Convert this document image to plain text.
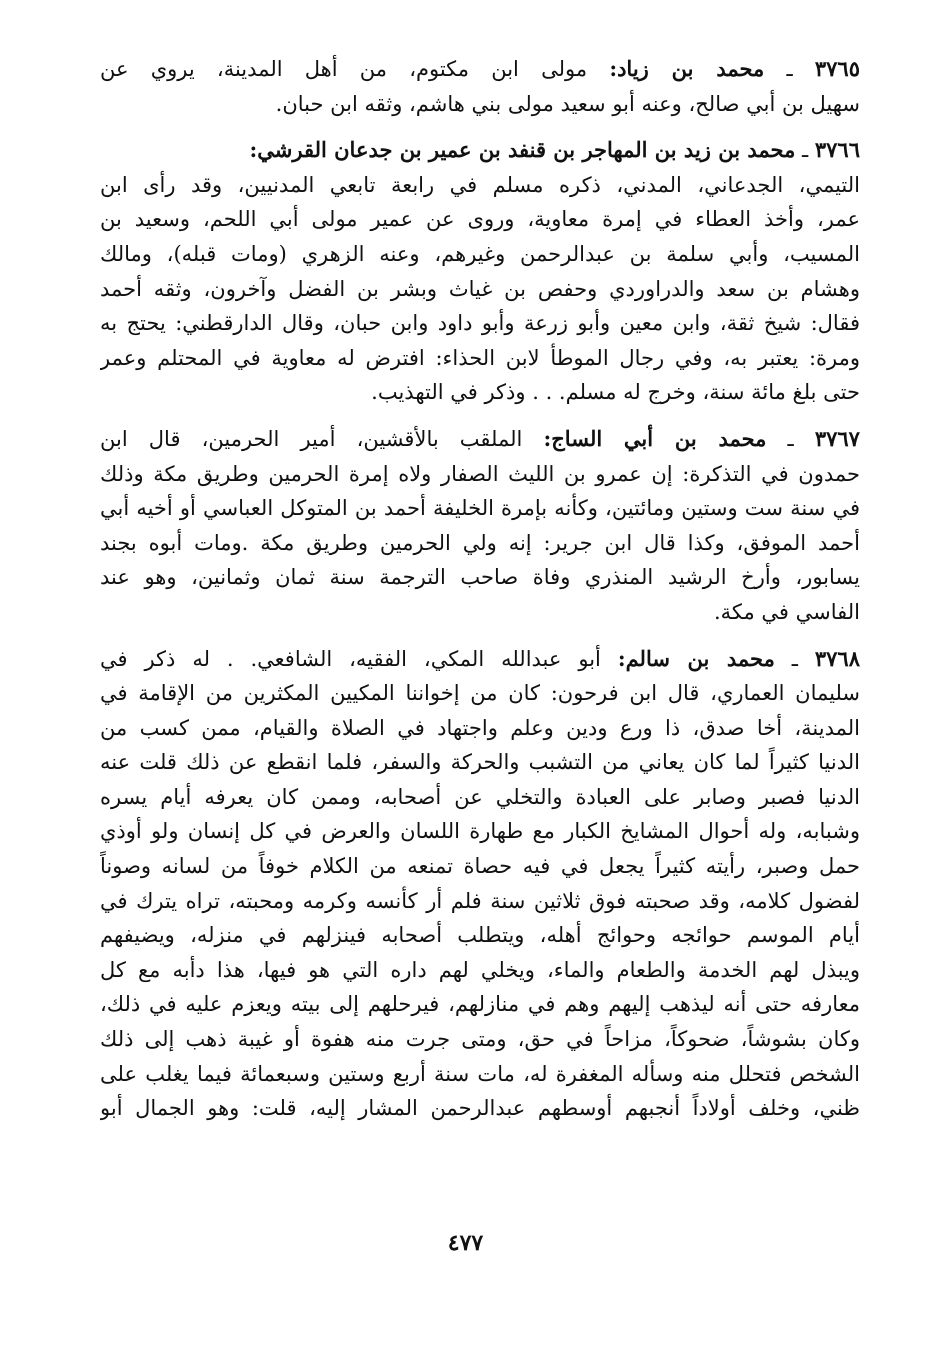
٣٧٦٥ ـ محمد بن زياد: مولى ابن مكتوم، من أهل المدينة، يروي عن
سهيل بن أبي صالح، وعنه أبو سعيد مولى بني هاشم، وثقه ابن حبان.
٣٧٦٦ ـ محمد بن زيد بن المهاجر بن قنفد بن عمير بن جدعان القرشي:
التيمي، الجدعاني، المدني، ذكره مسلم في رابعة تابعي المدنيين، وقد رأى ابن
عمر، وأخذ العطاء في إمرة معاوية، وروى عن عمير مولى أبي اللحم، وسعيد بن
المسيب، وأبي سلمة بن عبدالرحمن وغيرهم، وعنه الزهري (ومات قبله)، ومالك
وهشام بن سعد والدراوردي وحفص بن غياث وبشر بن الفضل وآخرون، وثقه أحمد
فقال: شيخ ثقة، وابن معين وأبو زرعة وأبو داود وابن حبان، وقال الدارقطني: يحتج به
ومرة: يعتبر به، وفي رجال الموطأ لابن الحذاء: افترض له معاوية في المحتلم وعمر
حتى بلغ مائة سنة، وخرج له مسلم. . . وذكر في التهذيب.
٣٧٦٧ ـ محمد بن أبي الساج: الملقب بالأقشين، أمير الحرمين، قال ابن
حمدون في التذكرة: إن عمرو بن الليث الصفار ولاه إمرة الحرمين وطريق مكة وذلك
في سنة ست وستين ومائتين، وكأنه بإمرة الخليفة أحمد بن المتوكل العباسي أو أخيه أبي
أحمد الموفق، وكذا قال ابن جرير: إنه ولي الحرمين وطريق مكة .ومات أبوه بجند
يسابور، وأرخ الرشيد المنذري وفاة صاحب الترجمة سنة ثمان وثمانين، وهو عند
الفاسي في مكة.
٣٧٦٨ ـ محمد بن سالم: أبو عبدالله المكي، الفقيه، الشافعي. . له ذكر في
سليمان العماري، قال ابن فرحون: كان من إخواننا المكيين المكثرين من الإقامة في
المدينة، أخا صدق، ذا ورع ودين وعلم واجتهاد في الصلاة والقيام، ممن كسب من
الدنيا كثيراً لما كان يعاني من التشبب والحركة والسفر، فلما انقطع عن ذلك قلت عنه
الدنيا فصبر وصابر على العبادة والتخلي عن أصحابه، وممن كان يعرفه أيام يسره
وشبابه، وله أحوال المشايخ الكبار مع طهارة اللسان والعرض في كل إنسان ولو أوذي
حمل وصبر، رأيته كثيراً يجعل في فيه حصاة تمنعه من الكلام خوفاً من لسانه وصوناً
لفضول كلامه، وقد صحبته فوق ثلاثين سنة فلم أر كأنسه وكرمه ومحبته، تراه يترك في
أيام الموسم حوائجه وحوائج أهله، ويتطلب أصحابه فينزلهم في منزله، ويضيفهم
ويبذل لهم الخدمة والطعام والماء، ويخلي لهم داره التي هو فيها، هذا دأبه مع كل
معارفه حتى أنه ليذهب إليهم وهم في منازلهم، فيرحلهم إلى بيته ويعزم عليه في ذلك،
وكان بشوشاً، ضحوكاً، مزاحاً في حق، ومتى جرت منه هفوة أو غيبة ذهب إلى ذلك
الشخص فتحلل منه وسأله المغفرة له، مات سنة أربع وستين وسبعمائة فيما يغلب على
ظني، وخلف أولاداً أنجبهم أوسطهم عبدالرحمن المشار إليه، قلت: وهو الجمال أبو
٤٧٧
